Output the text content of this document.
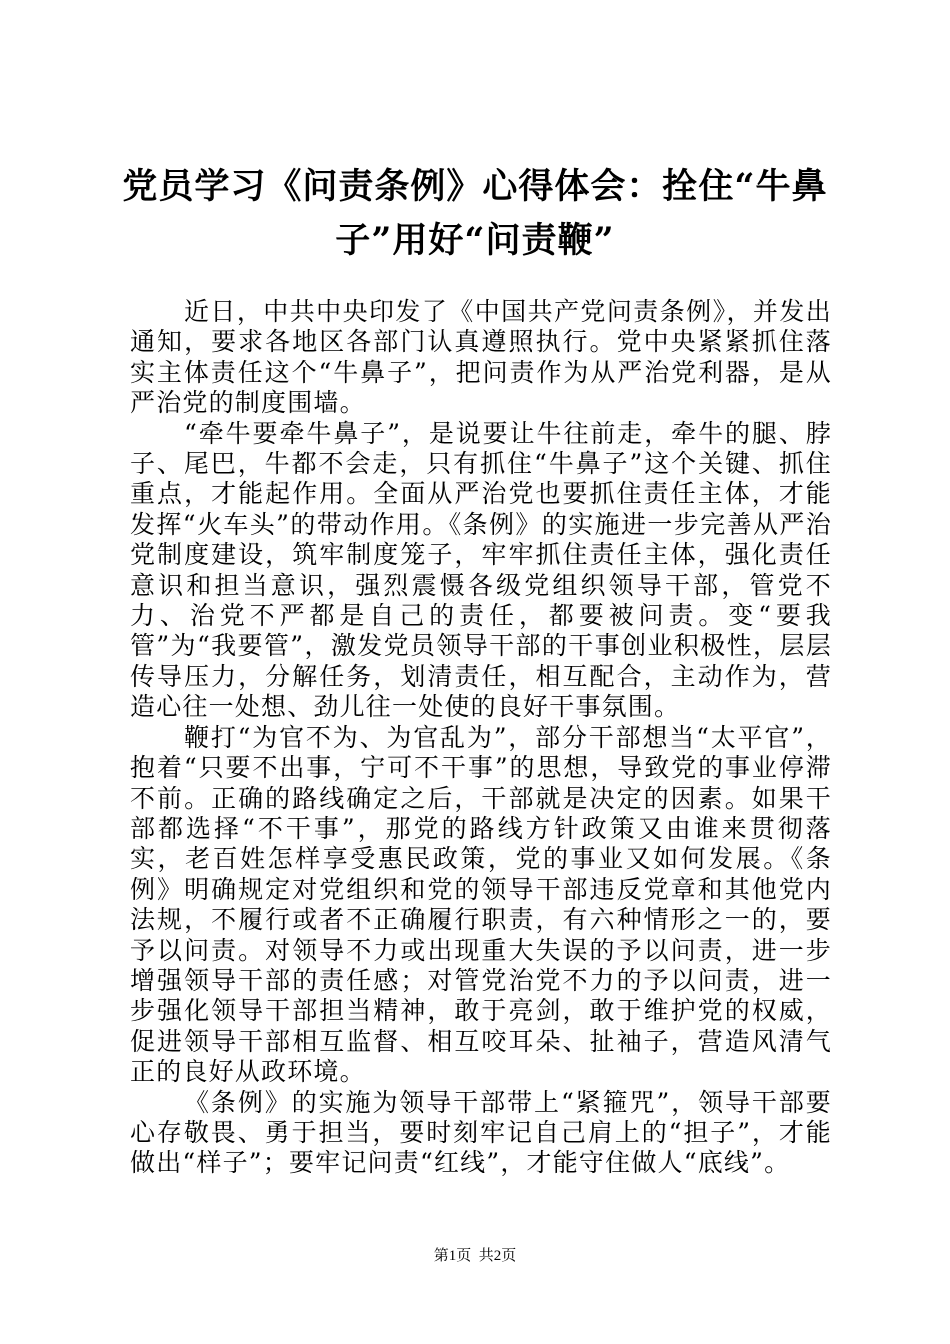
党员学习《问责条例》心得体会：拴住“牛鼻子”用好“问责鞭”

近日，中共中央印发了《中国共产党问责条例》，并发出通知，要求各地区各部门认真遵照执行。党中央紧紧抓住落实主体责任这个“牛鼻子”，把问责作为从严治党利器，是从严治党的制度围墙。

“牵牛要牵牛鼻子”，是说要让牛往前走，牵牛的腿、脖子、尾巴，牛都不会走，只有抓住“牛鼻子”这个关键、抓住重点，才能起作用。全面从严治党也要抓住责任主体，才能发挥“火车头”的带动作用。《条例》的实施进一步完善从严治党制度建设，筑牢制度笼子，牢牢抓住责任主体，强化责任意识和担当意识，强烈震慑各级党组织领导干部，管党不力、治党不严都是自己的责任，都要被问责。变“要我管”为“我要管”，激发党员领导干部的干事创业积极性，层层传导压力，分解任务，划清责任，相互配合，主动作为，营造心往一处想、劲儿往一处使的良好干事氛围。

鞭打“为官不为、为官乱为”，部分干部想当“太平官”，抱着“只要不出事，宁可不干事”的思想，导致党的事业停滞不前。正确的路线确定之后，干部就是决定的因素。如果干部都选择“不干事”，那党的路线方针政策又由谁来贯彻落实，老百姓怎样享受惠民政策，党的事业又如何发展。《条例》明确规定对党组织和党的领导干部违反党章和其他党内法规，不履行或者不正确履行职责，有六种情形之一的，要予以问责。对领导不力或出现重大失误的予以问责，进一步增强领导干部的责任感；对管党治党不力的予以问责，进一步强化领导干部担当精神，敢于亮剑，敢于维护党的权威，促进领导干部相互监督、相互咬耳朵、扯袖子，营造风清气正的良好从政环境。

《条例》的实施为领导干部带上“紧箍咒”，领导干部要心存敬畏、勇于担当，要时刻牢记自己肩上的“担子”，才能做出“样子”；要牢记问责“红线”，才能守住做人“底线”。

第1页  共2页
